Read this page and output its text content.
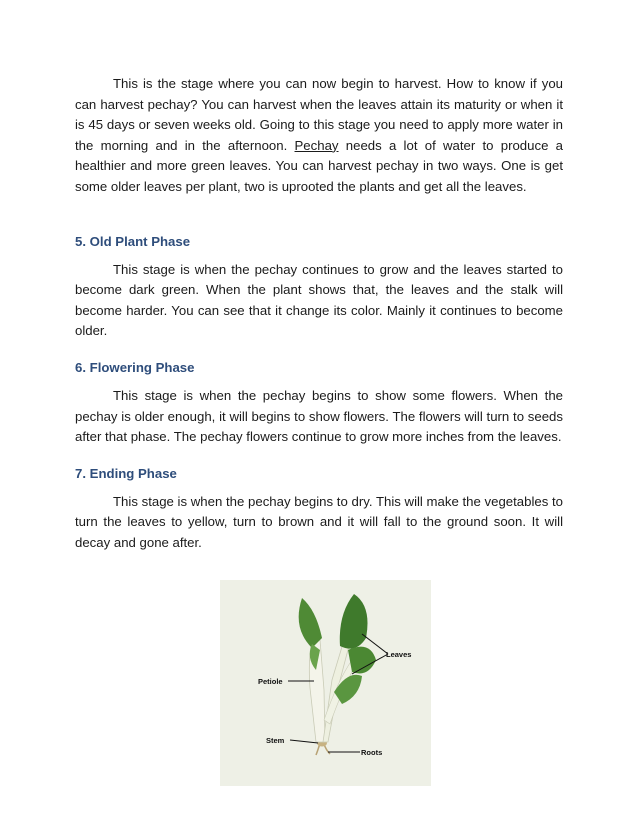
This is the stage where you can now begin to harvest. How to know if you can harvest pechay? You can harvest when the leaves attain its maturity or when it is 45 days or seven weeks old. Going to this stage you need to apply more water in the morning and in the afternoon. Pechay needs a lot of water to produce a healthier and more green leaves. You can harvest pechay in two ways. One is get some older leaves per plant, two is uprooted the plants and get all the leaves.

5. Old Plant Phase

This stage is when the pechay continues to grow and the leaves started to become dark green. When the plant shows that, the leaves and the stalk will become harder. You can see that it change its color. Mainly it continues to become older.

6. Flowering Phase

This stage is when the pechay begins to show some flowers. When the pechay is older enough, it will begins to show flowers. The flowers will turn to seeds after that phase. The pechay flowers continue to grow more inches from the leaves.

7. Ending Phase

This stage is when the pechay begins to dry. This will make the vegetables to turn the leaves to yellow, turn to brown and it will fall to the ground soon. It will decay and gone after.

Leaves
Petiole
Stem
Roots
